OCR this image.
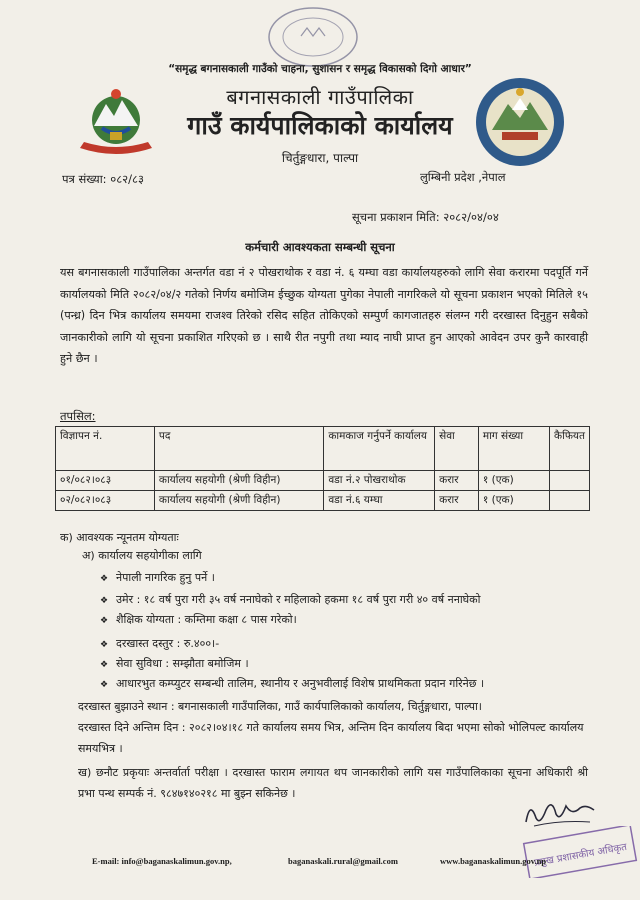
“समृद्ध बगनासकाली गाउँको चाहना, सुशासन र समृद्ध विकासको दिगो आधार”
बगनासकाली गाउँपालिका
गाउँ कार्यपालिकाको कार्यालय
चिर्तुङ्गधारा, पाल्पा
पत्र संख्या: ०८२/८३	लुम्बिनी प्रदेश ,नेपाल
सूचना प्रकाशन मिति: २०८२/०४/०४
कर्मचारी आवश्यकता सम्बन्धी सूचना
यस बगनासकाली गाउँपालिका अन्तर्गत वडा नं २ पोखराथोक र वडा नं. ६ यम्घा वडा कार्यालयहरुको लागि सेवा करारमा पदपूर्ति गर्ने कार्यालयको मिति २०८२/०४/२ गतेको निर्णय बमोजिम ईच्छुक योग्यता पुगेका नेपाली नागरिकले यो सूचना प्रकाशन भएको मितिले १५ (पन्ध्र) दिन भित्र कार्यालय समयमा राजश्व तिरेको रसिद सहित तोकिएको सम्पुर्ण कागजातहरु संलग्न गरी दरखास्त दिनुहुन सबैको जानकारीको लागि यो सूचना प्रकाशित गरिएको छ । साथै रीत नपुगी तथा म्याद नाघी प्राप्त हुन आएको आवेदन उपर कुनै कारवाही हुने छैन ।
तपसिल:
विज्ञापन नं.	पद	कामकाज गर्नुपर्ने कार्यालय	सेवा	माग संख्या	कैफियत
०१/०८२।०८३	कार्यालय सहयोगी (श्रेणी विहीन)	वडा नं.२ पोखराथोक	करार	१ (एक)	
०२/०८२।०८३	कार्यालय सहयोगी (श्रेणी विहीन)	वडा नं.६ यम्घा	करार	१ (एक)	
क) आवश्यक न्यूनतम योग्यताः
अ) कार्यालय सहयोगीका लागि
❖ नेपाली नागरिक हुनु पर्ने ।
❖ उमेर : १८ वर्ष पुरा गरी ३५ वर्ष ननाघेको र महिलाको हकमा १८ वर्ष पुरा गरी ४० वर्ष ननाघेको
❖ शैक्षिक योग्यता : कम्तिमा कक्षा ८ पास गरेको।
❖ दरखास्त दस्तुर : रु.४००।-
❖ सेवा सुविधा : सम्झौता बमोजिम ।
❖ आधारभुत कम्प्युटर सम्बन्धी तालिम, स्थानीय र अनुभवीलाई विशेष प्राथमिकता प्रदान गरिनेछ ।
दरखास्त बुझाउने स्थान : बगनासकाली गाउँपालिका, गाउँ कार्यपालिकाको कार्यालय, चिर्तुङ्गधारा, पाल्पा।
दरखास्त दिने अन्तिम दिन : २०८२।०४।१८ गते कार्यालय समय भित्र, अन्तिम दिन कार्यालय बिदा भएमा सोको भोलिपल्ट कार्यालय समयभित्र ।
ख) छनौट प्रकृयाः अन्तर्वार्ता परीक्षा । दरखास्त फाराम लगायत थप जानकारीको लागि यस गाउँपालिकाका सूचना अधिकारी श्री प्रभा पन्थ सम्पर्क नं. ९८४७१४०२१८ मा बुझ्न सकिनेछ ।
प्रमुख प्रशासकीय अधिकृत
E-mail: info@baganaskalimun.gov.np,	baganaskali.rural@gmail.com	www.baganaskalimun.gov.np
